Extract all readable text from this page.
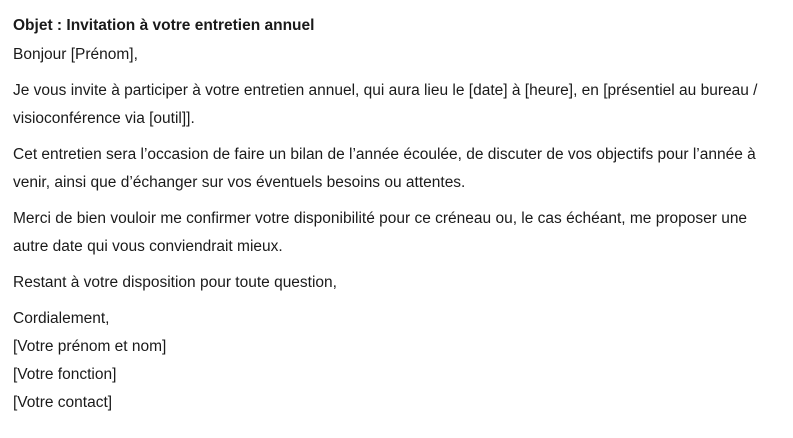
Objet : Invitation à votre entretien annuel

Bonjour [Prénom],

Je vous invite à participer à votre entretien annuel, qui aura lieu le [date] à [heure], en [présentiel au bureau / visioconférence via [outil]].

Cet entretien sera l’occasion de faire un bilan de l’année écoulée, de discuter de vos objectifs pour l’année à venir, ainsi que d’échanger sur vos éventuels besoins ou attentes.

Merci de bien vouloir me confirmer votre disponibilité pour ce créneau ou, le cas échéant, me proposer une autre date qui vous conviendrait mieux.

Restant à votre disposition pour toute question,

Cordialement,
[Votre prénom et nom]
[Votre fonction]
[Votre contact]
